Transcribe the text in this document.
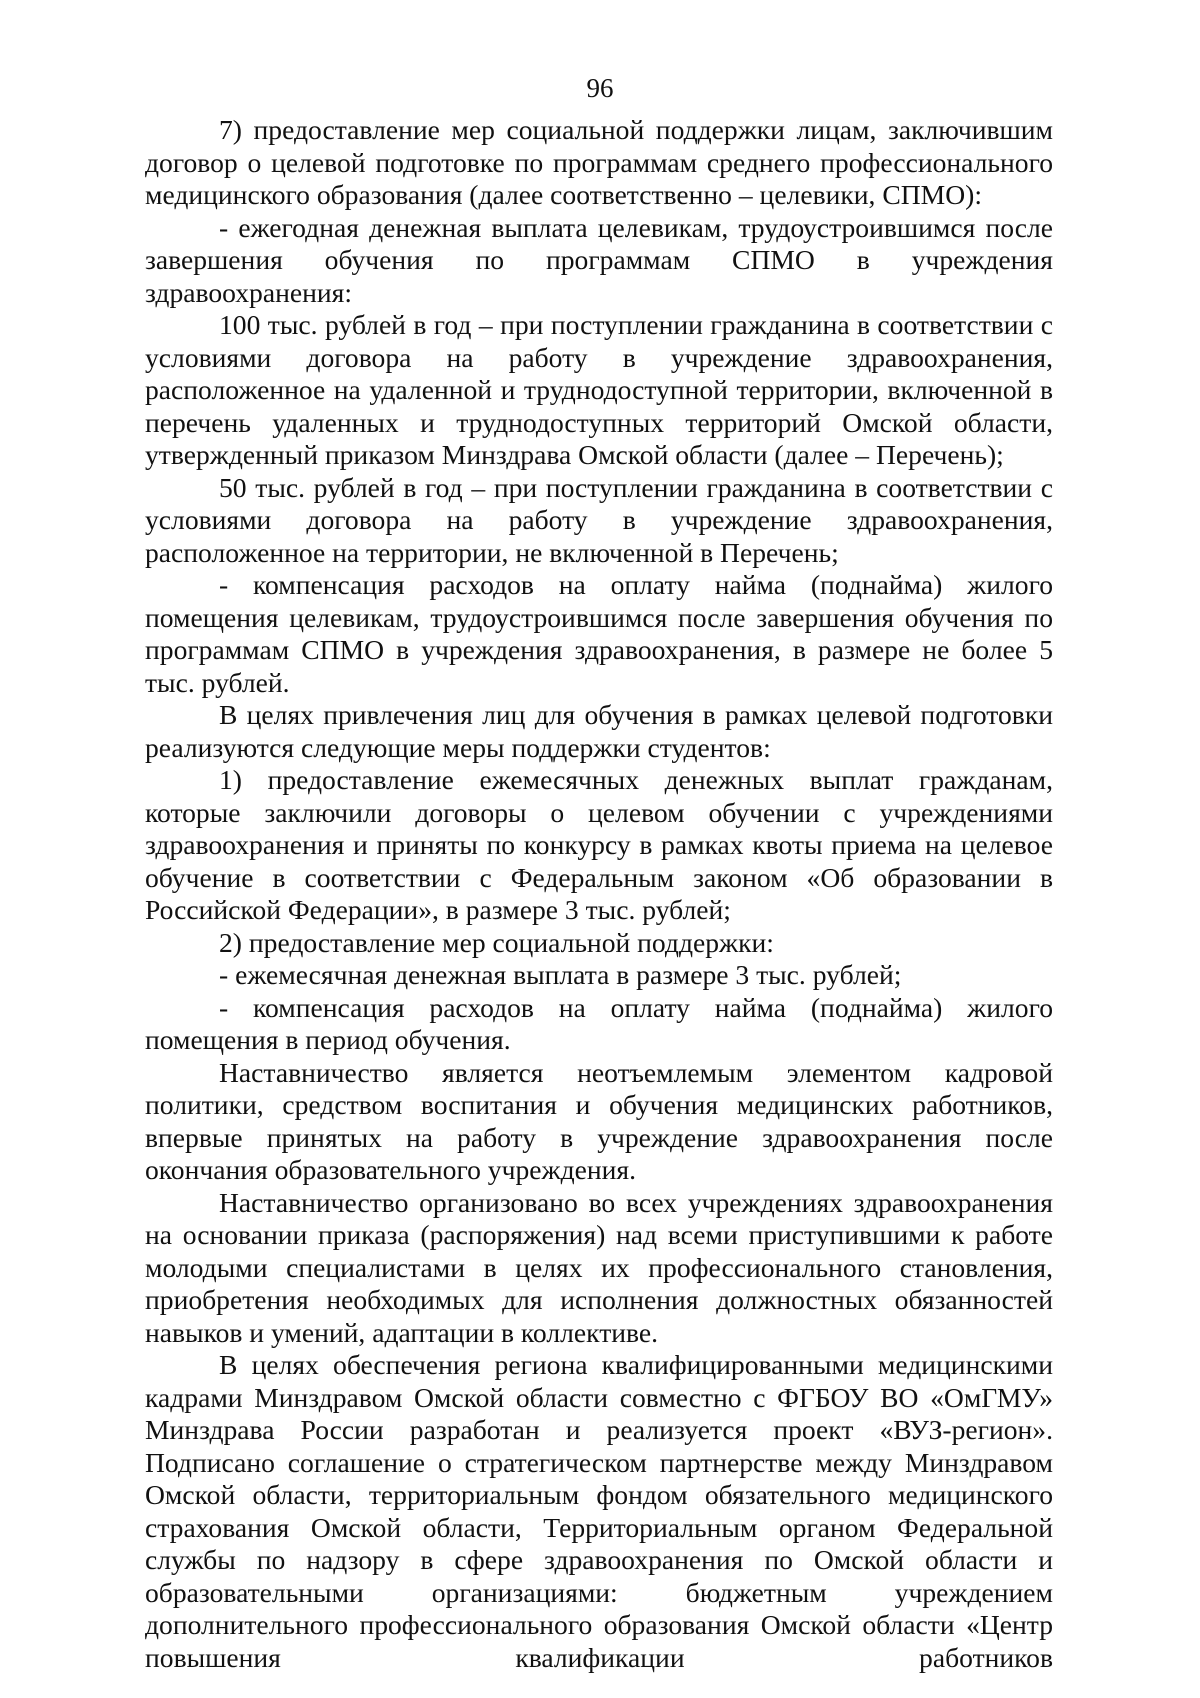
96

7) предоставление мер социальной поддержки лицам, заключившим договор о целевой подготовке по программам среднего профессионального медицинского образования (далее соответственно – целевики, СПМО):

- ежегодная денежная выплата целевикам, трудоустроившимся после завершения обучения по программам СПМО в учреждения здравоохранения:

100 тыс. рублей в год – при поступлении гражданина в соответствии с условиями договора на работу в учреждение здравоохранения, расположенное на удаленной и труднодоступной территории, включенной в перечень удаленных и труднодоступных территорий Омской области, утвержденный приказом Минздрава Омской области (далее – Перечень);

50 тыс. рублей в год – при поступлении гражданина в соответствии с условиями договора на работу в учреждение здравоохранения, расположенное на территории, не включенной в Перечень;

- компенсация расходов на оплату найма (поднайма) жилого помещения целевикам, трудоустроившимся после завершения обучения по программам СПМО в учреждения здравоохранения, в размере не более 5 тыс. рублей.

В целях привлечения лиц для обучения в рамках целевой подготовки реализуются следующие меры поддержки студентов:

1) предоставление ежемесячных денежных выплат гражданам, которые заключили договоры о целевом обучении с учреждениями здравоохранения и приняты по конкурсу в рамках квоты приема на целевое обучение в соответствии с Федеральным законом «Об образовании в Российской Федерации», в размере 3 тыс. рублей;

2) предоставление мер социальной поддержки:

- ежемесячная денежная выплата в размере 3 тыс. рублей;

- компенсация расходов на оплату найма (поднайма) жилого помещения в период обучения.

Наставничество является неотъемлемым элементом кадровой политики, средством воспитания и обучения медицинских работников, впервые принятых на работу в учреждение здравоохранения после окончания образовательного учреждения.

Наставничество организовано во всех учреждениях здравоохранения на основании приказа (распоряжения) над всеми приступившими к работе молодыми специалистами в целях их профессионального становления, приобретения необходимых для исполнения должностных обязанностей навыков и умений, адаптации в коллективе.

В целях обеспечения региона квалифицированными медицинскими кадрами Минздравом Омской области совместно с ФГБОУ ВО «ОмГМУ» Минздрава России разработан и реализуется проект «ВУЗ-регион». Подписано соглашение о стратегическом партнерстве между Минздравом Омской области, территориальным фондом обязательного медицинского страхования Омской области, Территориальным органом Федеральной службы по надзору в сфере здравоохранения по Омской области и образовательными организациями: бюджетным учреждением дополнительного профессионального образования Омской области «Центр повышения квалификации работников
